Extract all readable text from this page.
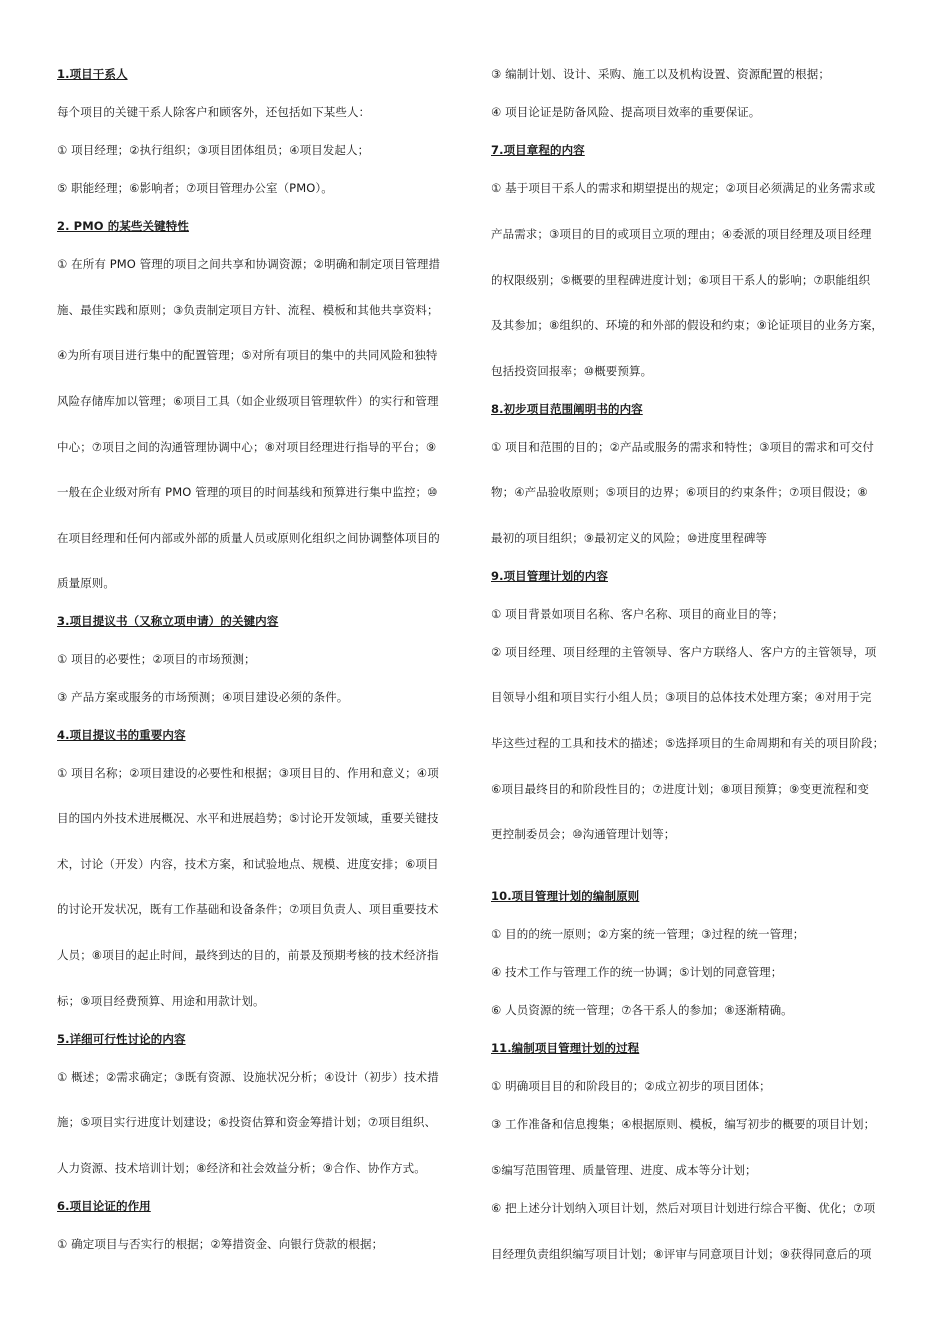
1.项目干系人
每个项目的关键干系人除客户和顾客外，还包括如下某些人：
① 项目经理；②执行组织；③项目团体组员；④项目发起人；
⑤ 职能经理；⑥影响者；⑦项目管理办公室（PMO）。
2. PMO 的某些关键特性
① 在所有 PMO 管理的项目之间共享和协调资源；②明确和制定项目管理措
施、最佳实践和原则；③负责制定项目方针、流程、模板和其他共享资料；
④为所有项目进行集中的配置管理；⑤对所有项目的集中的共同风险和独特
风险存储库加以管理；⑥项目工具（如企业级项目管理软件）的实行和管理
中心；⑦项目之间的沟通管理协调中心；⑧对项目经理进行指导的平台；⑨
一般在企业级对所有 PMO 管理的项目的时间基线和预算进行集中监控；⑩
在项目经理和任何内部或外部的质量人员或原则化组织之间协调整体项目的
质量原则。
3.项目提议书（又称立项申请）的关键内容
① 项目的必要性；②项目的市场预测；
③ 产品方案或服务的市场预测；④项目建设必须的条件。
4.项目提议书的重要内容
① 项目名称；②项目建设的必要性和根据；③项目目的、作用和意义；④项
目的国内外技术进展概况、水平和进展趋势；⑤讨论开发领域，重要关键技
术，讨论（开发）内容，技术方案，和试验地点、规模、进度安排；⑥项目
的讨论开发状况，既有工作基础和设备条件；⑦项目负责人、项目重要技术
人员；⑧项目的起止时间，最终到达的目的，前景及预期考核的技术经济指
标；⑨项目经费预算、用途和用款计划。
5.详细可行性讨论的内容
① 概述；②需求确定；③既有资源、设施状况分析；④设计（初步）技术措
施；⑤项目实行进度计划建设；⑥投资估算和资金筹措计划；⑦项目组织、
人力资源、技术培训计划；⑧经济和社会效益分析；⑨合作、协作方式。
6.项目论证的作用
① 确定项目与否实行的根据；②筹措资金、向银行贷款的根据；
③ 编制计划、设计、采购、施工以及机构设置、资源配置的根据；
④ 项目论证是防备风险、提高项目效率的重要保证。
7.项目章程的内容
① 基于项目干系人的需求和期望提出的规定；②项目必须满足的业务需求或
产品需求；③项目的目的或项目立项的理由；④委派的项目经理及项目经理
的权限级别；⑤概要的里程碑进度计划；⑥项目干系人的影响；⑦职能组织
及其参加；⑧组织的、环境的和外部的假设和约束；⑨论证项目的业务方案，
包括投资回报率；⑩概要预算。
8.初步项目范围阐明书的内容
① 项目和范围的目的；②产品或服务的需求和特性；③项目的需求和可交付
物；④产品验收原则；⑤项目的边界；⑥项目的约束条件；⑦项目假设；⑧
最初的项目组织；⑨最初定义的风险；⑩进度里程碑等
9.项目管理计划的内容
① 项目背景如项目名称、客户名称、项目的商业目的等；
② 项目经理、项目经理的主管领导、客户方联络人、客户方的主管领导，项
目领导小组和项目实行小组人员；③项目的总体技术处理方案；④对用于完
毕这些过程的工具和技术的描述；⑤选择项目的生命周期和有关的项目阶段；
⑥项目最终目的和阶段性目的；⑦进度计划；⑧项目预算；⑨变更流程和变
更控制委员会；⑩沟通管理计划等；
10.项目管理计划的编制原则
① 目的的统一原则；②方案的统一管理；③过程的统一管理；
④ 技术工作与管理工作的统一协调；⑤计划的同意管理；
⑥ 人员资源的统一管理；⑦各干系人的参加；⑧逐渐精确。
11.编制项目管理计划的过程
① 明确项目目的和阶段目的；②成立初步的项目团体；
③ 工作准备和信息搜集；④根据原则、模板，编写初步的概要的项目计划；
⑤编写范围管理、质量管理、进度、成本等分计划；
⑥ 把上述分计划纳入项目计划，然后对项目计划进行综合平衡、优化；⑦项
目经理负责组织编写项目计划；⑧评审与同意项目计划；⑨获得同意后的项
